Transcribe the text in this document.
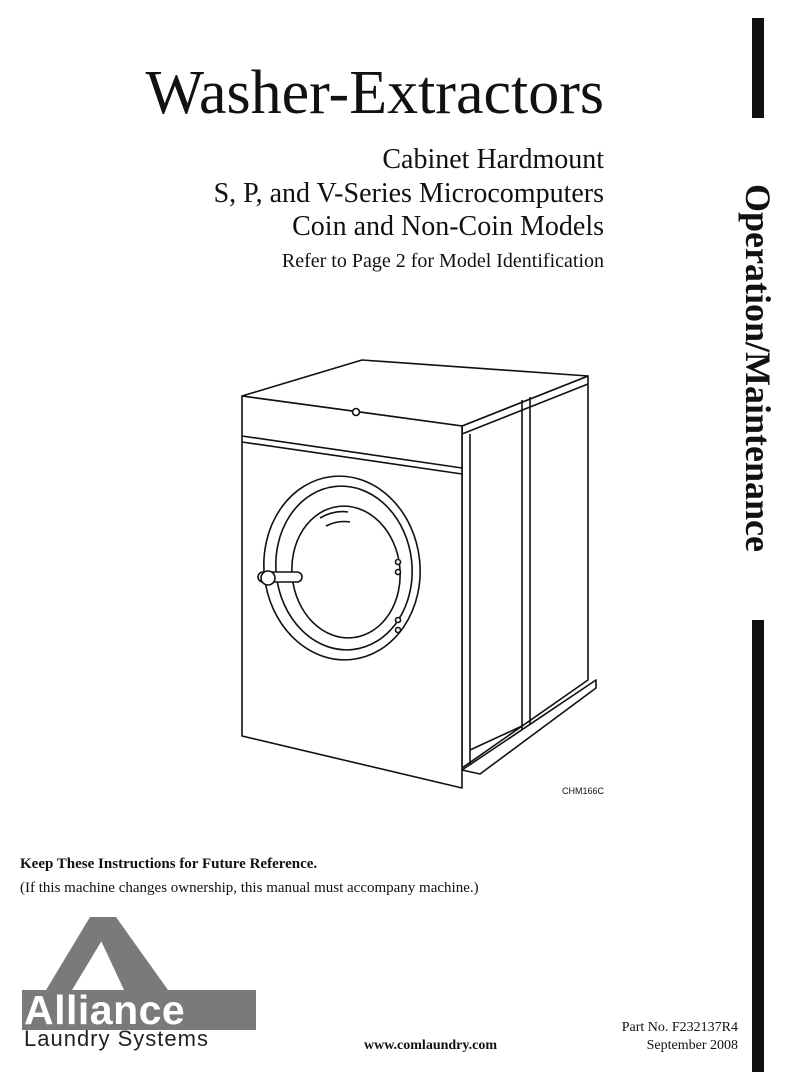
Washer-Extractors
Cabinet Hardmount
S, P, and V-Series Microcomputers
Coin and Non-Coin Models
Refer to Page 2 for Model Identification	Operation/Maintenance
CHM166C
Keep These Instructions for Future Reference.
(If this machine changes ownership, this manual must accompany machine.)
Alliance
Laundry Systems	www.comlaundry.com
Part No. F232137R4
September 2008
